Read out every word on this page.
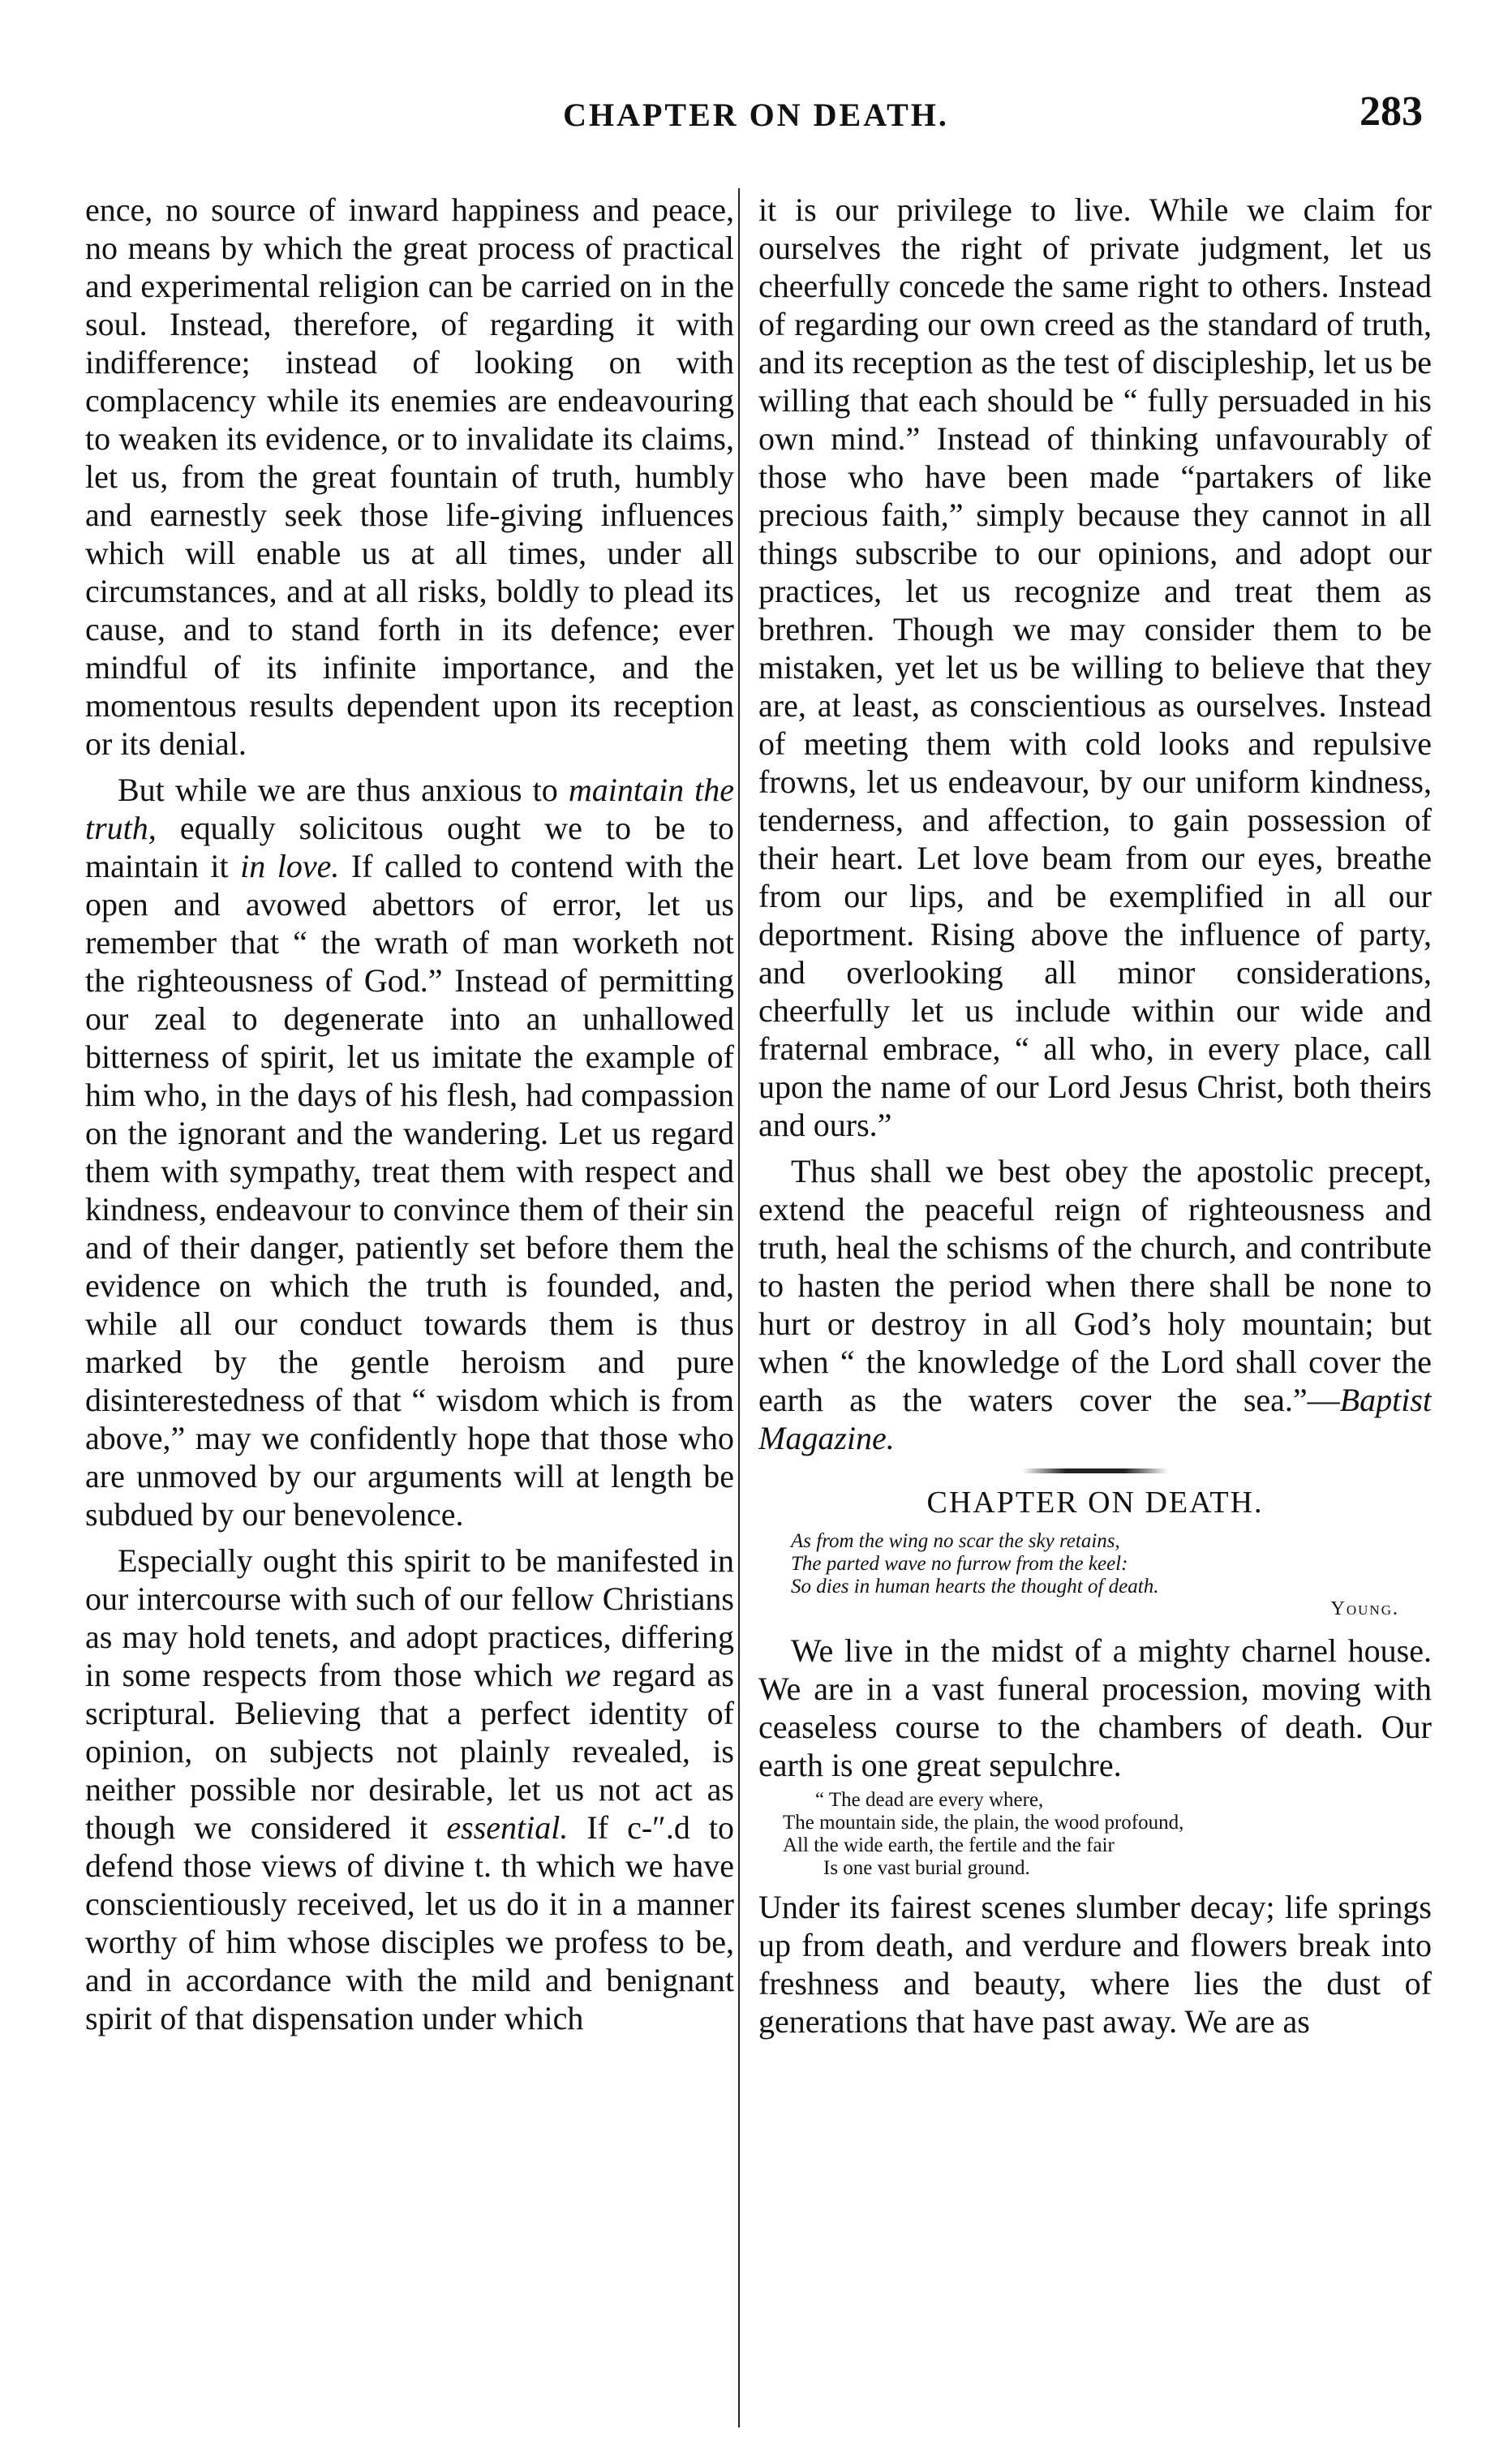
CHAPTER ON DEATH.	283

ence, no source of inward happiness and peace, no means by which the great process of practical and experimental religion can be carried on in the soul. Instead, therefore, of regarding it with indifference; instead of looking on with complacency while its enemies are endeavouring to weaken its evidence, or to invalidate its claims, let us, from the great fountain of truth, humbly and earnestly seek those life-giving influences which will enable us at all times, under all circumstances, and at all risks, boldly to plead its cause, and to stand forth in its defence; ever mindful of its infinite importance, and the momentous results dependent upon its reception or its denial.

But while we are thus anxious to maintain the truth, equally solicitous ought we to be to maintain it in love. If called to contend with the open and avowed abettors of error, let us remember that “ the wrath of man worketh not the righteousness of God.” Instead of permitting our zeal to degenerate into an unhallowed bitterness of spirit, let us imitate the example of him who, in the days of his flesh, had compassion on the ignorant and the wandering. Let us regard them with sympathy, treat them with respect and kindness, endeavour to convince them of their sin and of their danger, patiently set before them the evidence on which the truth is founded, and, while all our conduct towards them is thus marked by the gentle heroism and pure disinterestedness of that “ wisdom which is from above,” may we confidently hope that those who are unmoved by our arguments will at length be subdued by our benevolence.

Especially ought this spirit to be manifested in our intercourse with such of our fellow Christians as may hold tenets, and adopt practices, differing in some respects from those which we regard as scriptural. Believing that a perfect identity of opinion, on subjects not plainly revealed, is neither possible nor desirable, let us not act as though we considered it essential. If c‐″.d to defend those views of divine t. th which we have conscientiously received, let us do it in a manner worthy of him whose disciples we profess to be, and in accordance with the mild and benignant spirit of that dispensation under which

it is our privilege to live. While we claim for ourselves the right of private judgment, let us cheerfully concede the same right to others. Instead of regarding our own creed as the standard of truth, and its reception as the test of discipleship, let us be willing that each should be “ fully persuaded in his own mind.” Instead of thinking unfavourably of those who have been made “partakers of like precious faith,” simply because they cannot in all things subscribe to our opinions, and adopt our practices, let us recognize and treat them as brethren. Though we may consider them to be mistaken, yet let us be willing to believe that they are, at least, as conscientious as ourselves. Instead of meeting them with cold looks and repulsive frowns, let us endeavour, by our uniform kindness, tenderness, and affection, to gain possession of their heart. Let love beam from our eyes, breathe from our lips, and be exemplified in all our deportment. Rising above the influence of party, and overlooking all minor considerations, cheerfully let us include within our wide and fraternal embrace, “ all who, in every place, call upon the name of our Lord Jesus Christ, both theirs and ours.”

Thus shall we best obey the apostolic precept, extend the peaceful reign of righteousness and truth, heal the schisms of the church, and contribute to hasten the period when there shall be none to hurt or destroy in all God’s holy mountain; but when “ the knowledge of the Lord shall cover the earth as the waters cover the sea.”—Baptist Magazine.

CHAPTER ON DEATH.
As from the wing no scar the sky retains,
The parted wave no furrow from the keel:
So dies in human hearts the thought of death.
Young.

We live in the midst of a mighty charnel house. We are in a vast funeral procession, moving with ceaseless course to the chambers of death. Our earth is one great sepulchre.

“ The dead are every where,
The mountain side, the plain, the wood profound,
All the wide earth, the fertile and the fair
Is one vast burial ground.

Under its fairest scenes slumber decay; life springs up from death, and verdure and flowers break into freshness and beauty, where lies the dust of generations that have past away. We are as
